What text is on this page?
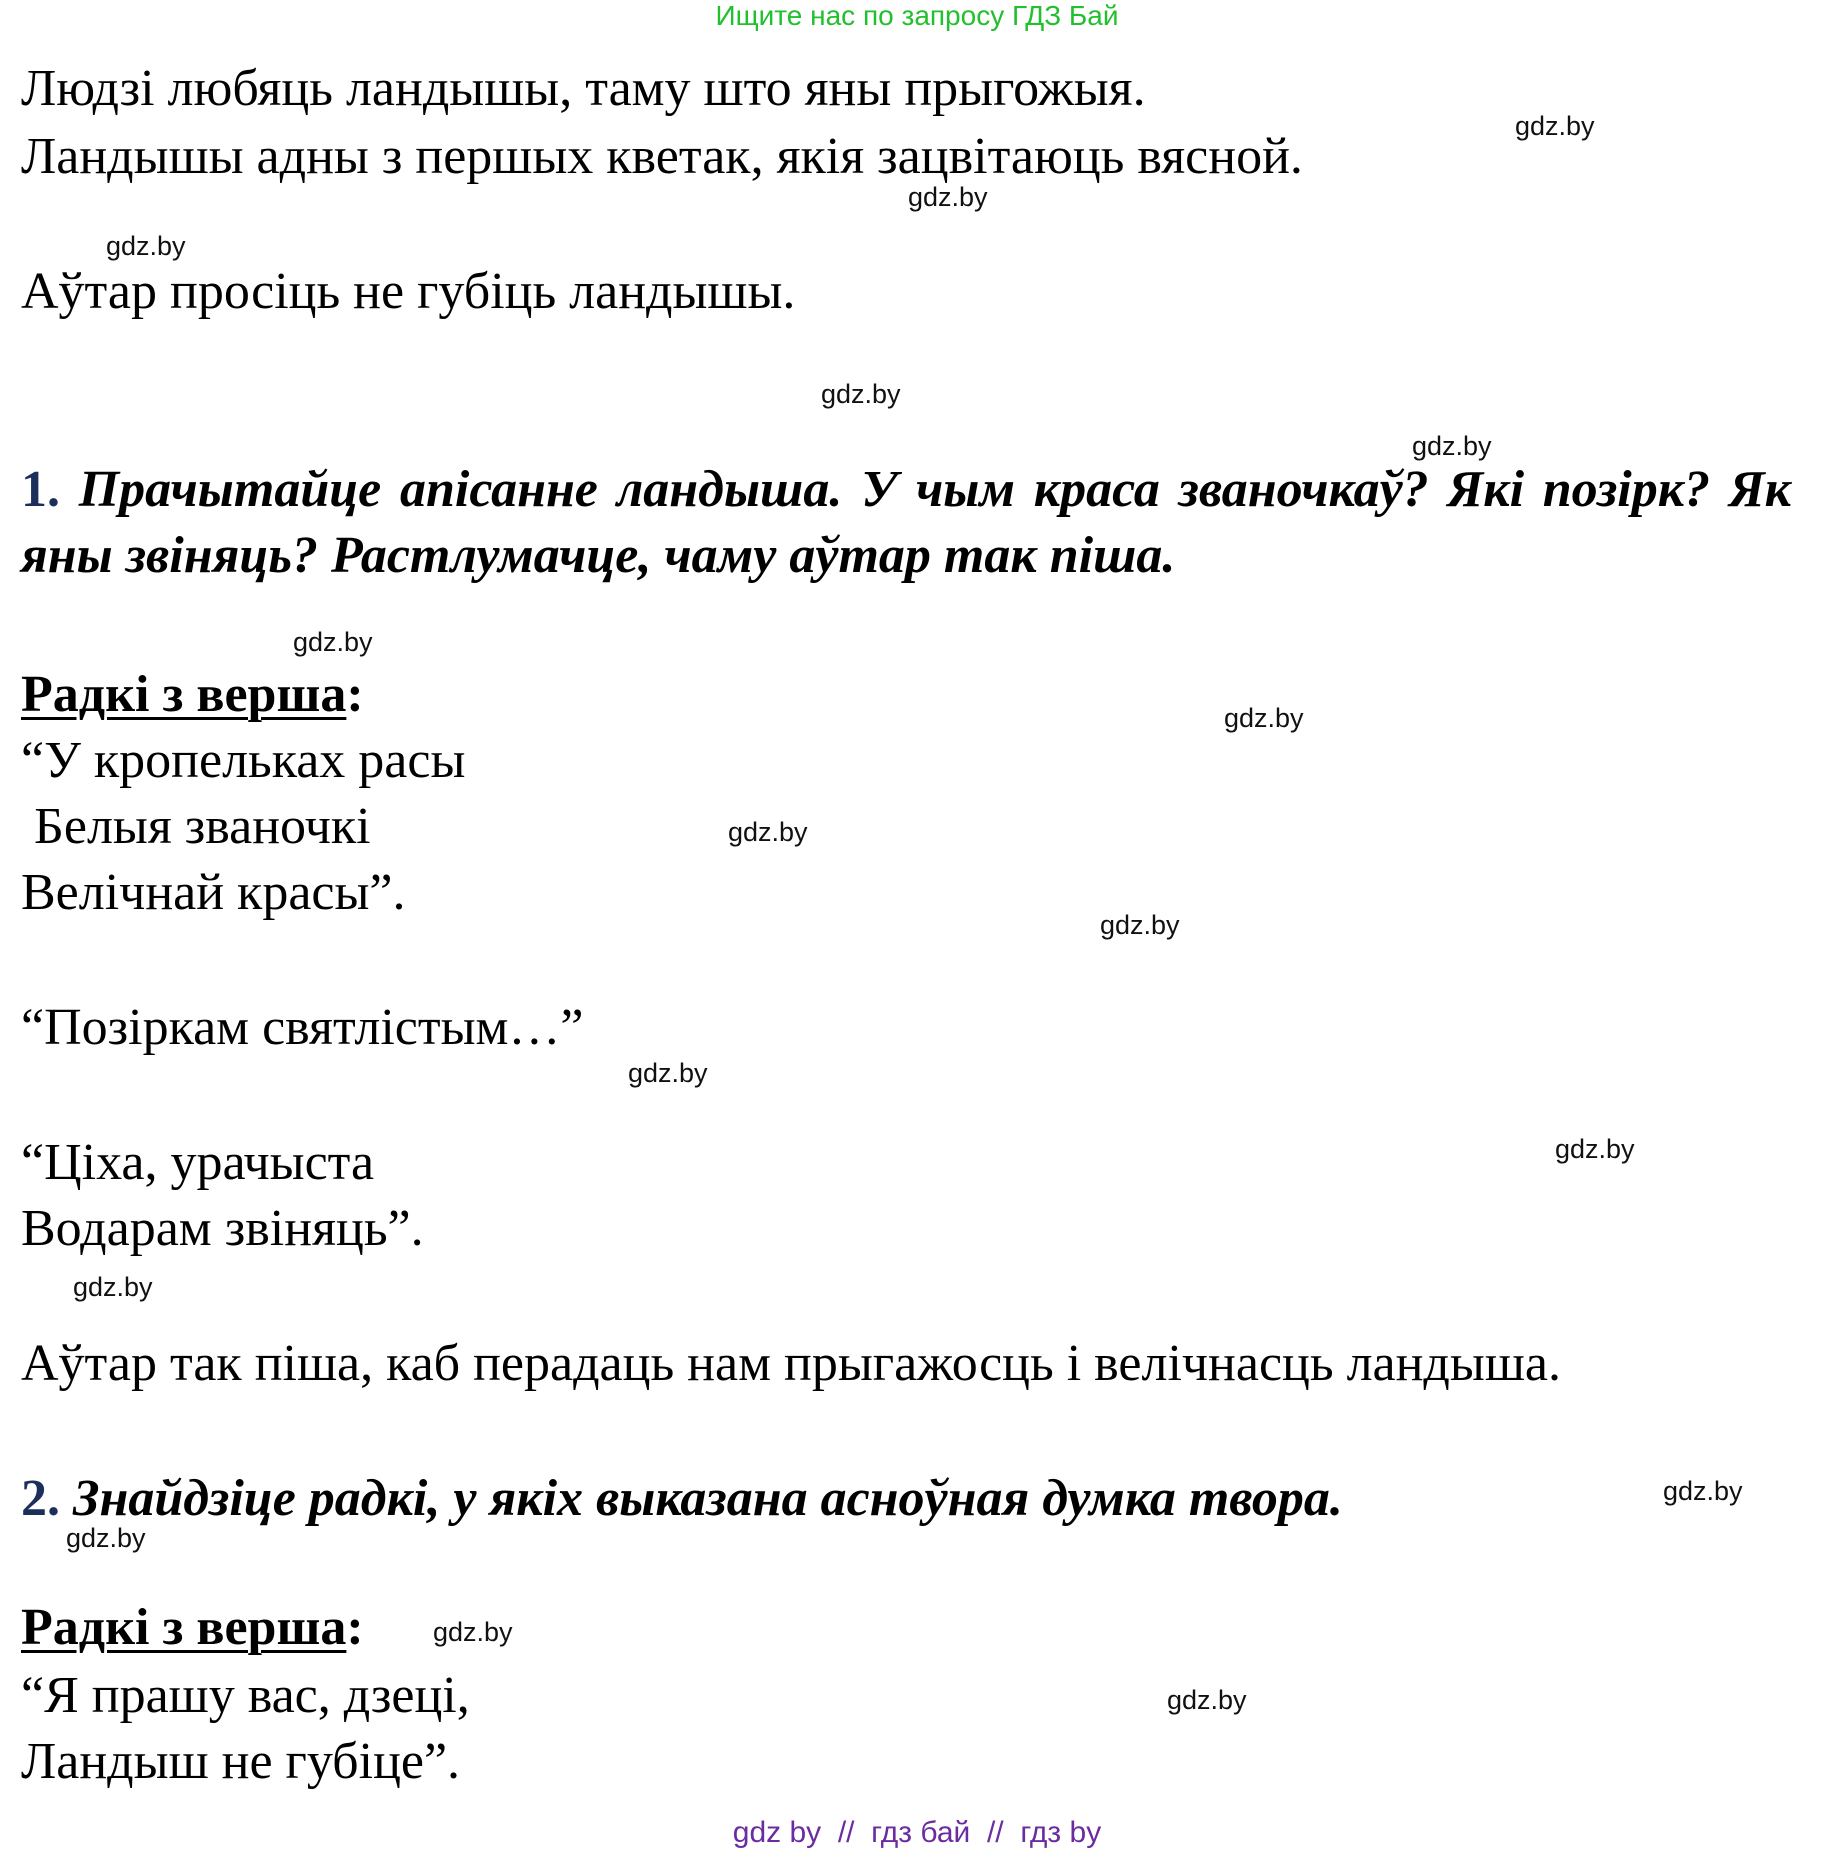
Ищите нас по запросу ГДЗ Бай
Людзі любяць ландышы, таму што яны прыгожыя.
Ландышы адны з першых кветак, якія зацвітаюць вясной.
Аўтар просіць не губіць ландышы.
1. Прачытайце апісанне ландыша. У чым краса званочкаў? Які позірк? Як яны звіняць? Растлумачце, чаму аўтар так піша.
Радкі з верша:
“У кропельках расы
Белыя званочкі
Велічнай красы”.
“Позіркам святлістым…”
“Ціха, урачыста
Водарам звіняць”.
Аўтар так піша, каб перадаць нам прыгажосць і велічнасць ландыша.
2. Знайдзіце радкі, у якіх выказана асноўная думка твора.
Радкі з верша:
“Я прашу вас, дзеці,
Ландыш не губіце”.
gdz.by
gdz.by
gdz.by
gdz.by
gdz.by
gdz.by
gdz.by
gdz.by
gdz.by
gdz.by
gdz.by
gdz.by
gdz.by
gdz.by
gdz.by
gdz.by
gdz by  //  гдз бай  //  гдз by
